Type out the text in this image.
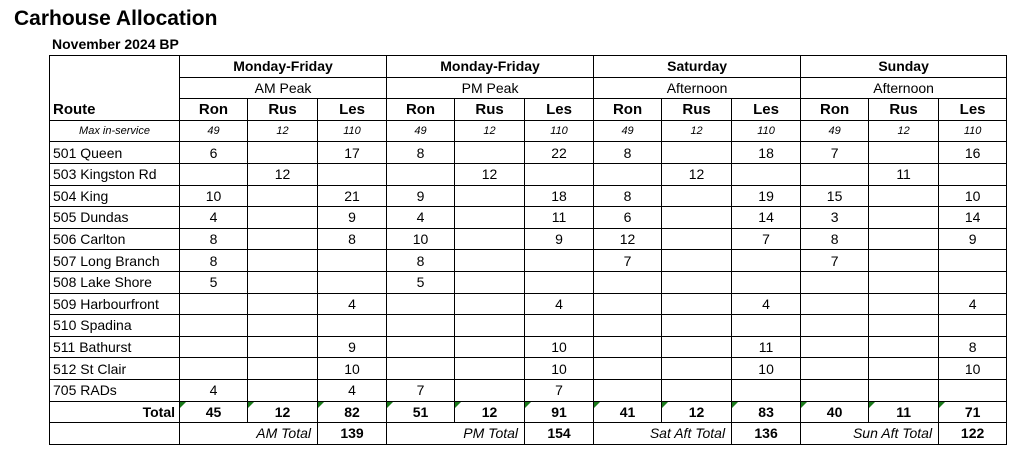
Carhouse Allocation
November 2024 BP
Route	Monday-Friday			Monday-Friday			Saturday			Sunday		
	AM Peak			PM Peak			Afternoon			Afternoon		
	Ron	Rus	Les	Ron	Rus	Les	Ron	Rus	Les	Ron	Rus	Les
Max in-service	49	12	110	49	12	110	49	12	110	49	12	110
501 Queen	6		17	8		22	8		18	7		16
503 Kingston Rd		12			12			12			11	
504 King	10		21	9		18	8		19	15		10
505 Dundas	4		9	4		11	6		14	3		14
506 Carlton	8		8	10		9	12		7	8		9
507 Long Branch	8			8			7			7		
508 Lake Shore	5			5								
509 Harbourfront			4			4			4			4
510 Spadina												
511 Bathurst			9			10			11			8
512 St Clair			10			10			10			10
705 RADs	4		4	7		7						
Total	45	12	82	51	12	91	41	12	83	40	11	71
	AM Total		139	PM Total		154	Sat Aft Total		136	Sun Aft Total		122
